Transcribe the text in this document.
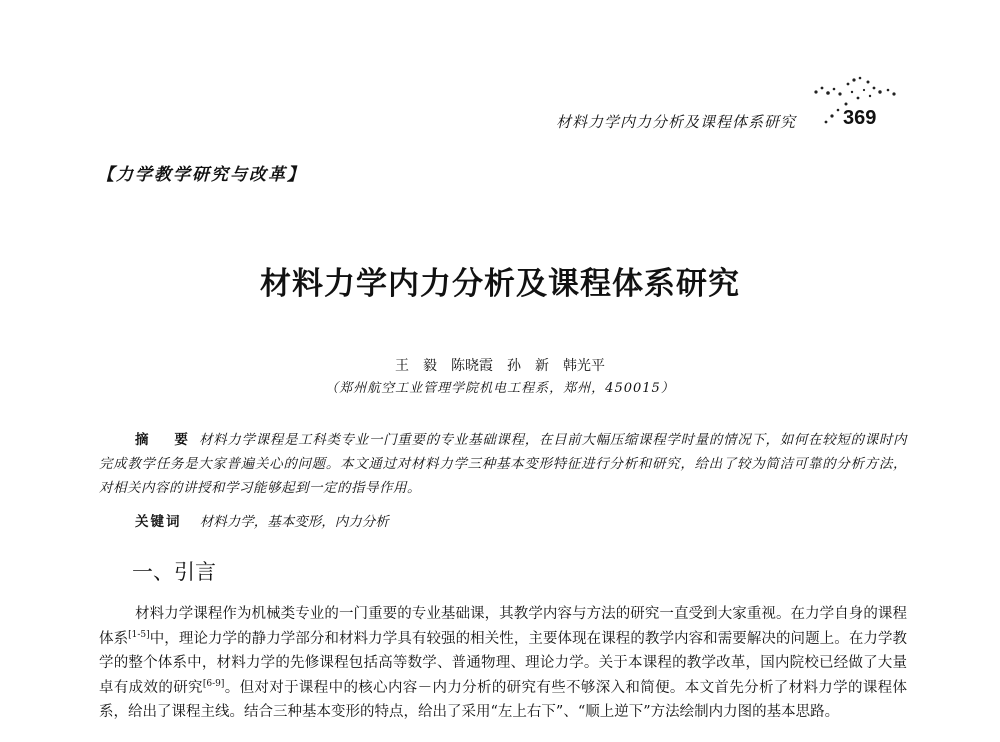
材料力学内力分析及课程体系研究 369
【力学教学研究与改革】
材料力学内力分析及课程体系研究
王　毅　陈晓霞　孙　新　韩光平
（郑州航空工业管理学院机电工程系，郑州，450015）
摘　要 材料力学课程是工科类专业一门重要的专业基础课程，在目前大幅压缩课程学时量的情况下，如何在较短的课时内完成教学任务是大家普遍关心的问题。本文通过对材料力学三种基本变形特征进行分析和研究，给出了较为简洁可靠的分析方法，对相关内容的讲授和学习能够起到一定的指导作用。
关键词 材料力学，基本变形，内力分析
一、引言
材料力学课程作为机械类专业的一门重要的专业基础课，其教学内容与方法的研究一直受到大家重视。在力学自身的课程体系[1-5]中，理论力学的静力学部分和材料力学具有较强的相关性，主要体现在课程的教学内容和需要解决的问题上。在力学教学的整个体系中，材料力学的先修课程包括高等数学、普通物理、理论力学。关于本课程的教学改革，国内院校已经做了大量卓有成效的研究[6-9]。但对对于课程中的核心内容－内力分析的研究有些不够深入和简便。本文首先分析了材料力学的课程体系，给出了课程主线。结合三种基本变形的特点，给出了采用“左上右下”、“顺上逆下”方法绘制内力图的基本思路。
